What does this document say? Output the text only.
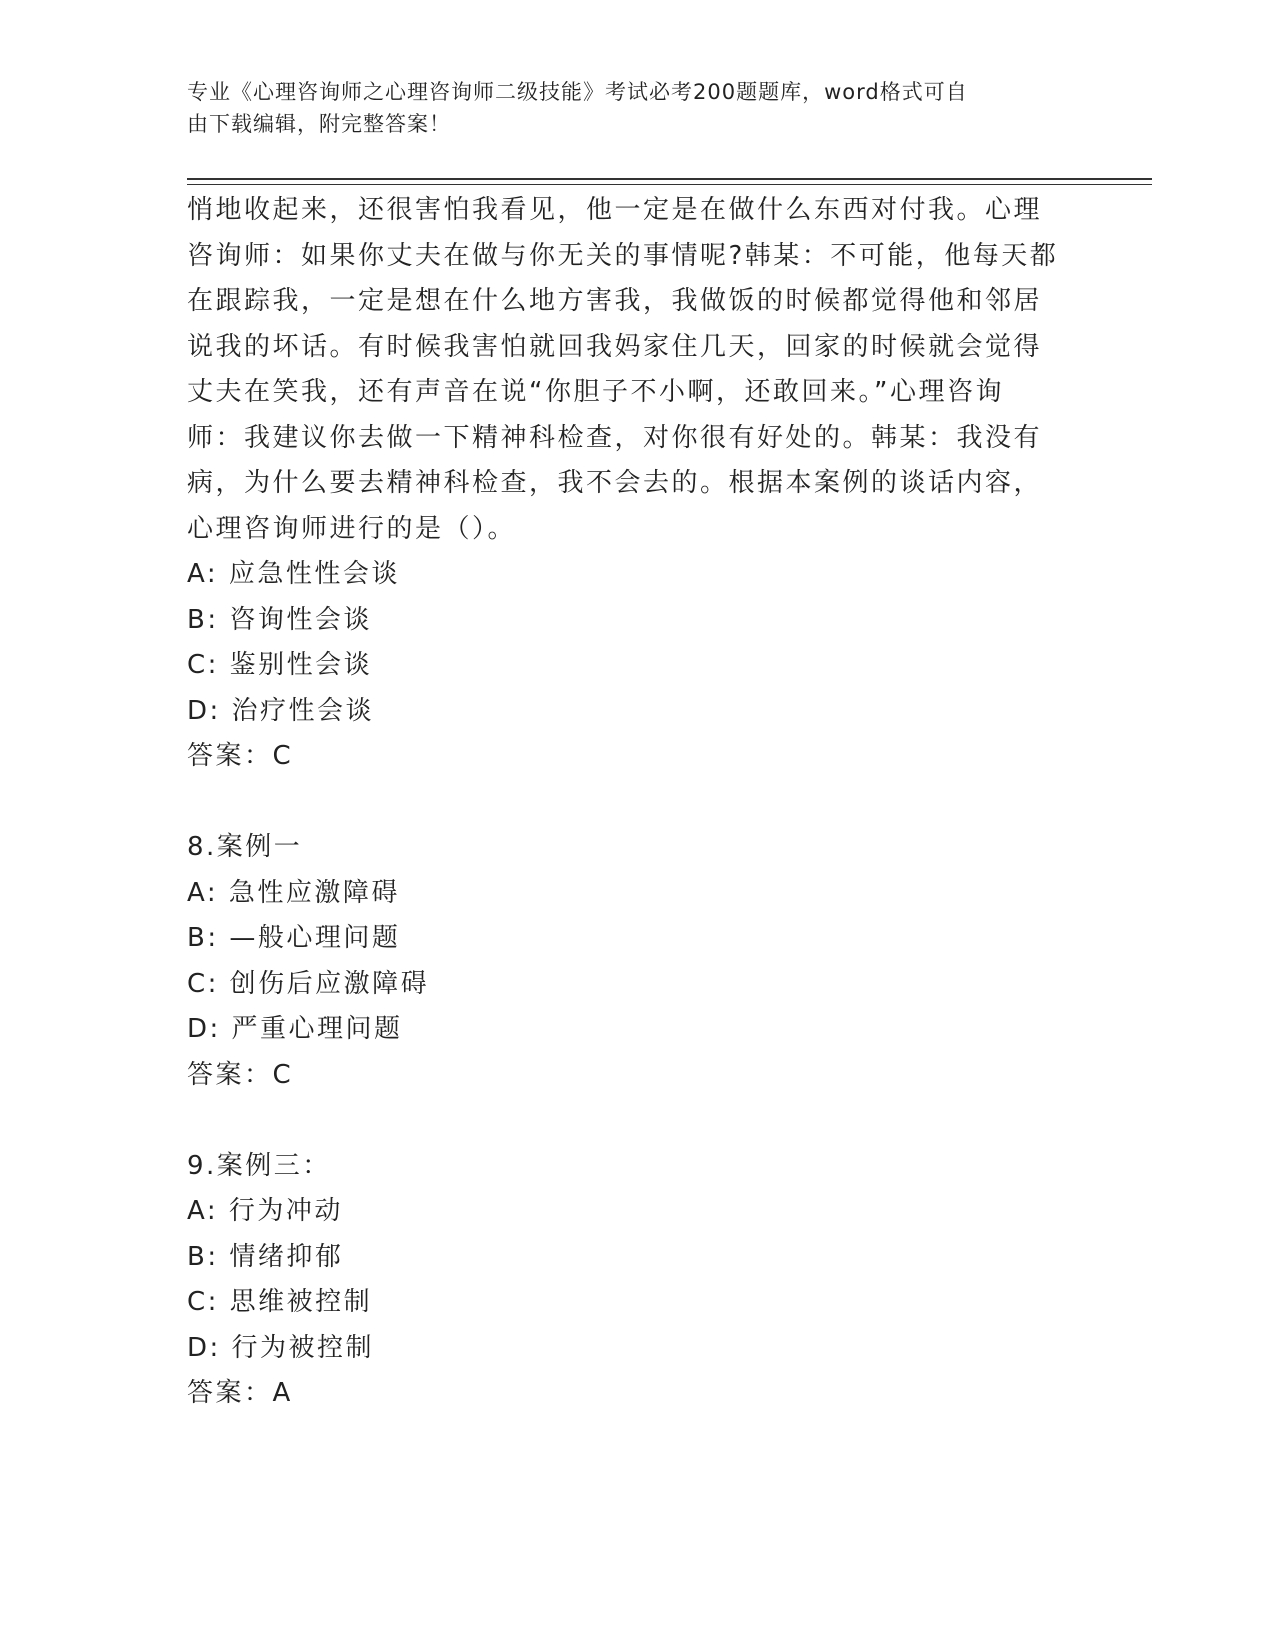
专业《心理咨询师之心理咨询师二级技能》考试必考200题题库，word格式可自
由下载编辑，附完整答案！
悄地收起来，还很害怕我看见，他一定是在做什么东西对付我。心理
咨询师：如果你丈夫在做与你无关的事情呢?韩某：不可能，他每天都
在跟踪我，一定是想在什么地方害我，我做饭的时候都觉得他和邻居
说我的坏话。有时候我害怕就回我妈家住几天，回家的时候就会觉得
丈夫在笑我，还有声音在说“你胆子不小啊，还敢回来。”心理咨询
师：我建议你去做一下精神科检查，对你很有好处的。韩某：我没有
病，为什么要去精神科检查，我不会去的。根据本案例的谈话内容，
心理咨询师进行的是（）。
A: 应急性性会谈
B: 咨询性会谈
C: 鉴别性会谈
D: 治疗性会谈
答案：C
8.案例一
A: 急性应激障碍
B: —般心理问题
C: 创伤后应激障碍
D: 严重心理问题
答案：C
9.案例三：
A: 行为冲动
B: 情绪抑郁
C: 思维被控制
D: 行为被控制
答案：A
